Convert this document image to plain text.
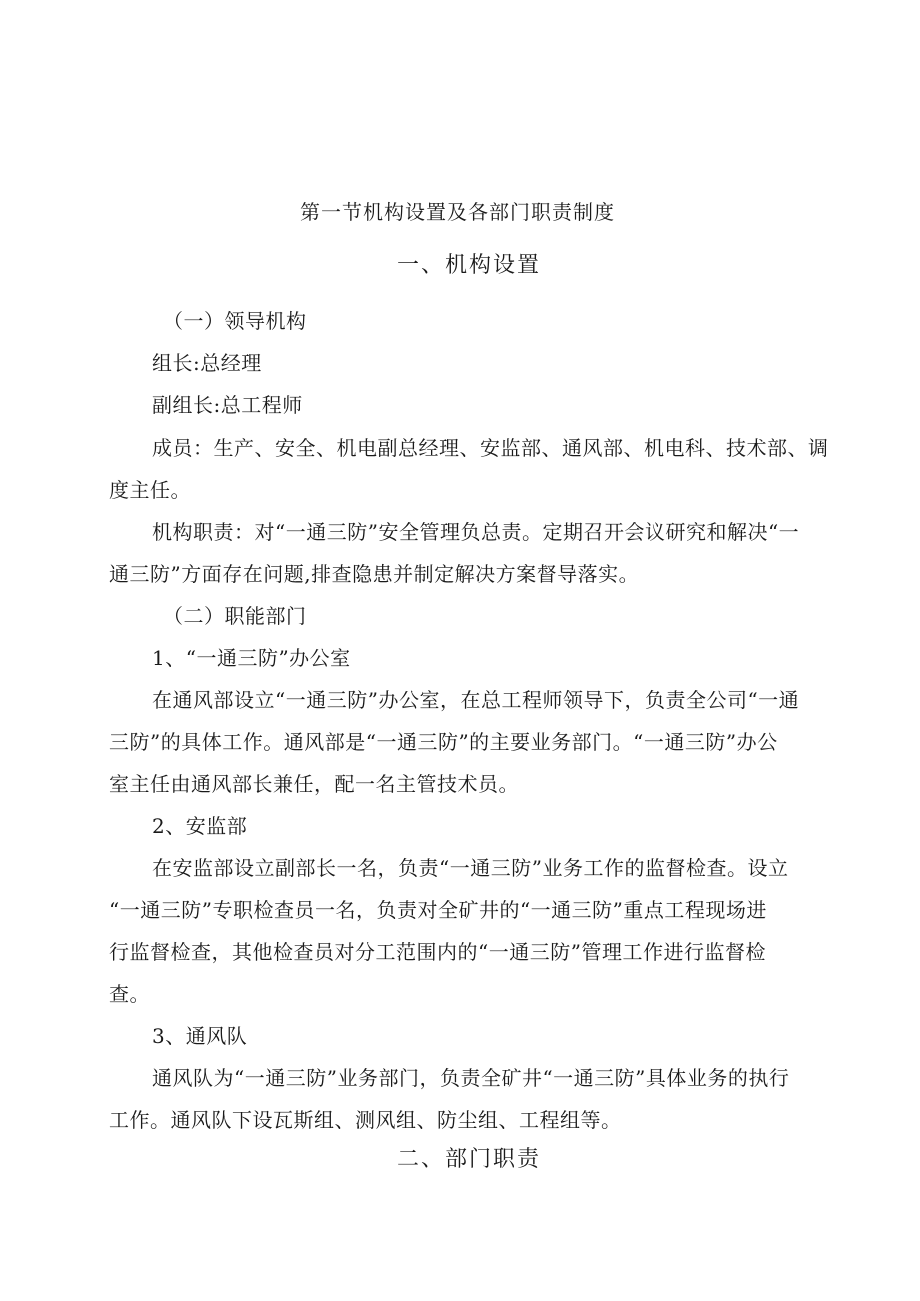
第一节机构设置及各部门职责制度
一、机构设置
（一）领导机构
组长:总经理
副组长:总工程师
成员：生产、安全、机电副总经理、安监部、通风部、机电科、技术部、调
度主任。
机构职责：对“一通三防”安全管理负总责。定期召开会议研究和解决“一
通三防”方面存在问题,排查隐患并制定解决方案督导落实。
（二）职能部门
1、“一通三防”办公室
在通风部设立“一通三防”办公室，在总工程师领导下，负责全公司“一通
三防”的具体工作。通风部是“一通三防”的主要业务部门。“一通三防”办公
室主任由通风部长兼任，配一名主管技术员。
2、安监部
在安监部设立副部长一名，负责“一通三防”业务工作的监督检查。设立
“一通三防”专职检查员一名，负责对全矿井的“一通三防”重点工程现场进
行监督检查，其他检查员对分工范围内的“一通三防”管理工作进行监督检
查。
3、通风队
通风队为“一通三防”业务部门，负责全矿井“一通三防”具体业务的执行
工作。通风队下设瓦斯组、测风组、防尘组、工程组等。
二、部门职责
